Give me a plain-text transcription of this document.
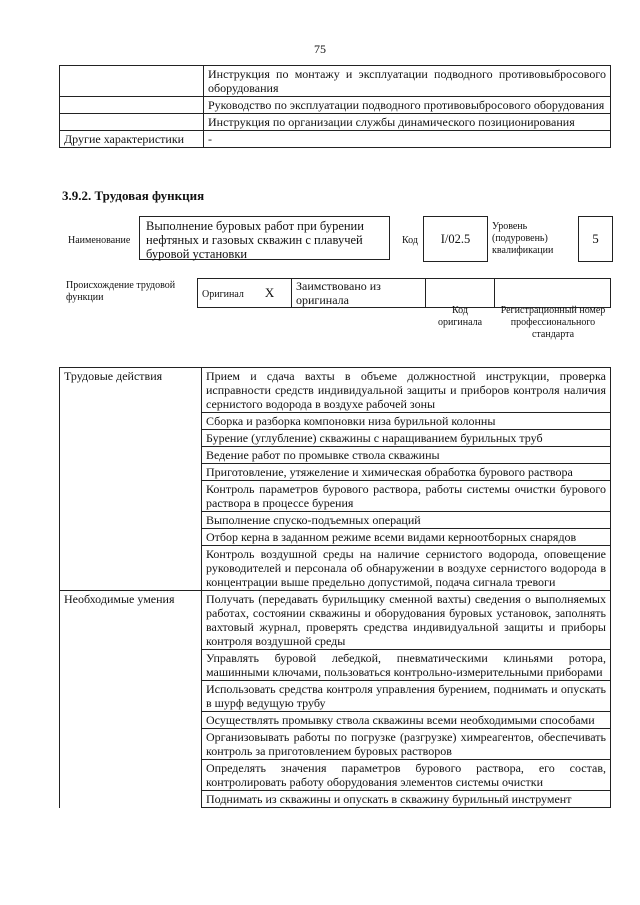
75
	Инструкция по монтажу и эксплуатации подводного противовыбросового оборудования
	Руководство по эксплуатации подводного противовыбросового оборудования
	Инструкция по организации службы динамического позиционирования
Другие характеристики	-
3.9.2. Трудовая функция
Наименование
Выполнение буровых работ при бурении нефтяных и газовых скважин с плавучей буровой установки
Код	I/02.5
Уровень (подуровень) квалификации
5
Происхождение трудовой функции	Оригинал X	Заимствовано из оригинала		
Код оригинала
Регистрационный номер профессионального стандарта
Трудовые действия	Прием и сдача вахты в объеме должностной инструкции, проверка исправности средств индивидуальной защиты и приборов контроля наличия сернистого водорода в воздухе рабочей зоны
	Сборка и разборка компоновки низа бурильной колонны
	Бурение (углубление) скважины с наращиванием бурильных труб
	Ведение работ по промывке ствола скважины
	Приготовление, утяжеление и химическая обработка бурового раствора
	Контроль параметров бурового раствора, работы системы очистки бурового раствора в процессе бурения
	Выполнение спуско-подъемных операций
	Отбор керна в заданном режиме всеми видами керноотборных снарядов
	Контроль воздушной среды на наличие сернистого водорода, оповещение руководителей и персонала об обнаружении в воздухе сернистого водорода в концентрации выше предельно допустимой, подача сигнала тревоги
Необходимые умения	Получать (передавать бурильщику сменной вахты) сведения о выполняемых работах, состоянии скважины и оборудования буровых установок, заполнять вахтовый журнал, проверять средства индивидуальной защиты и приборы контроля воздушной среды
	Управлять буровой лебедкой, пневматическими клиньями ротора, машинными ключами, пользоваться контрольно-измерительными приборами
	Использовать средства контроля управления бурением, поднимать и опускать в шурф ведущую трубу
	Осуществлять промывку ствола скважины всеми необходимыми способами
	Организовывать работы по погрузке (разгрузке) химреагентов, обеспечивать контроль за приготовлением буровых растворов
	Определять значения параметров бурового раствора, его состав, контролировать работу оборудования элементов системы очистки
	Поднимать из скважины и опускать в скважину бурильный инструмент
